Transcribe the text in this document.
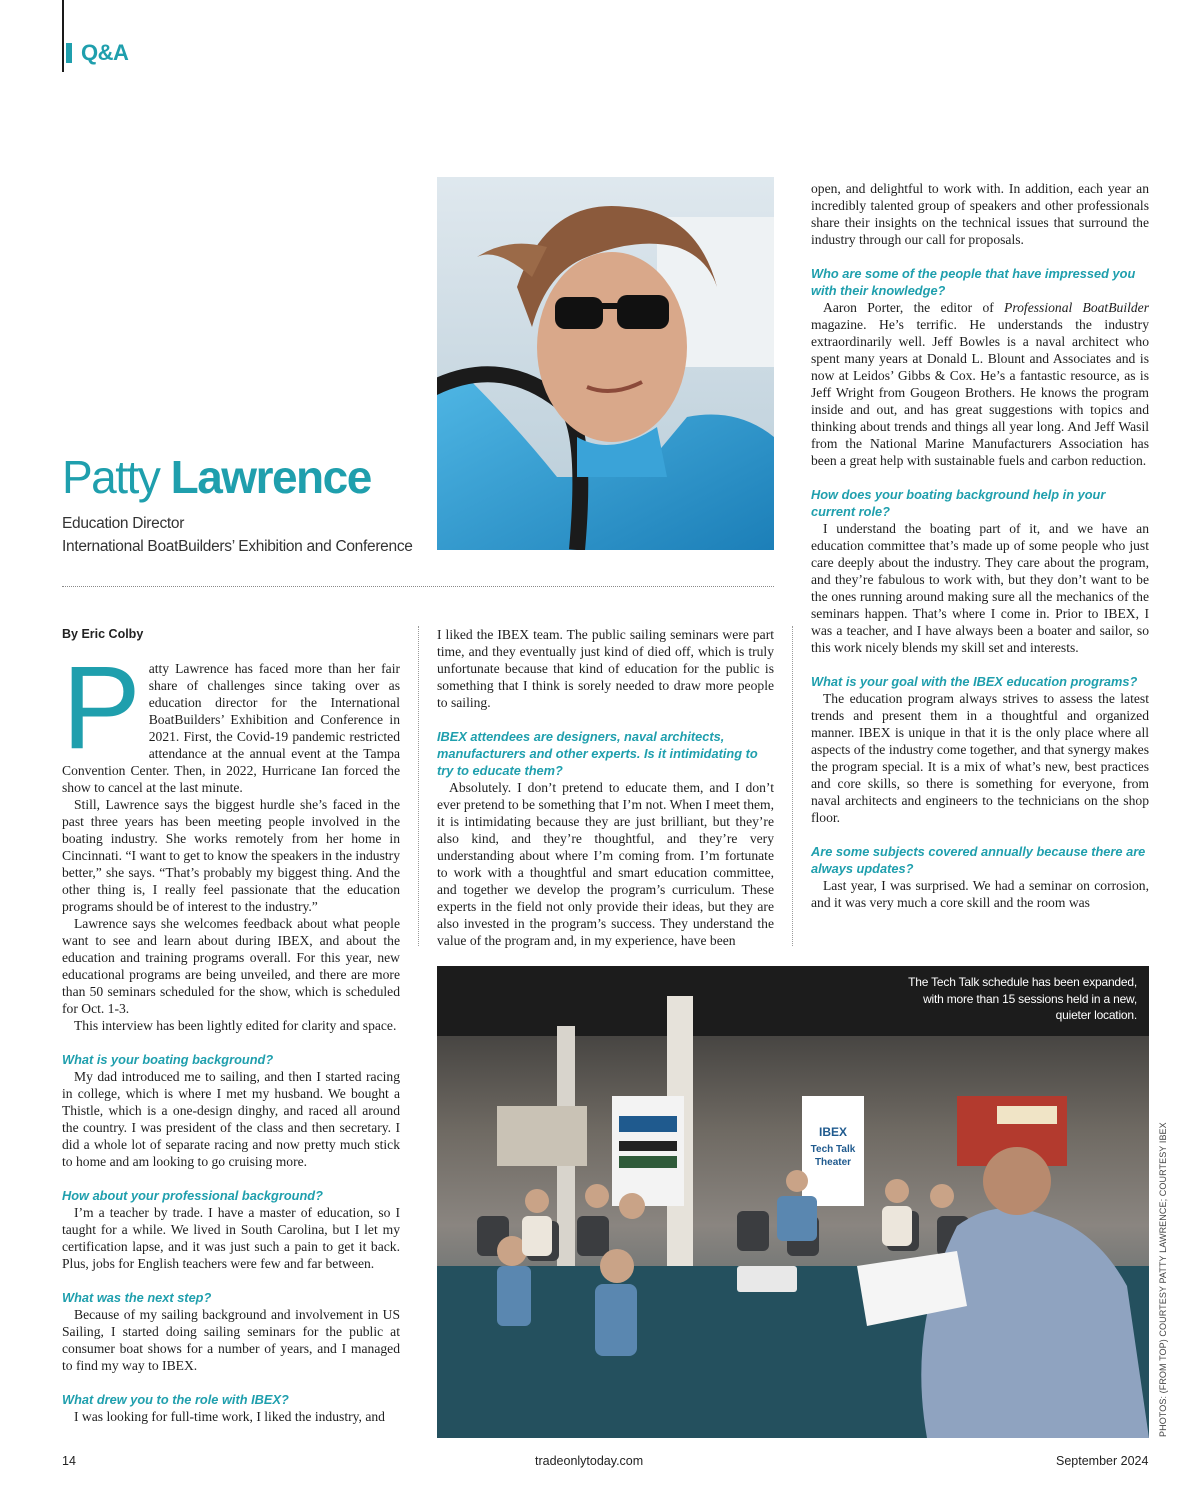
Q&A
Patty Lawrence
Education Director
International BoatBuilders’ Exhibition and Conference
By Eric Colby
P atty Lawrence has faced more than her fair share of challenges since taking over as education director for the International BoatBuilders’ Exhibition and Conference in 2021. First, the Covid-19 pandemic restricted attendance at the annual event at the Tampa Convention Center. Then, in 2022, Hurricane Ian forced the show to cancel at the last minute.

Still, Lawrence says the biggest hurdle she’s faced in the past three years has been meeting people involved in the boating industry. She works remotely from her home in Cincinnati. “I want to get to know the speakers in the industry better,” she says. “That’s probably my biggest thing. And the other thing is, I really feel passionate that the education programs should be of interest to the industry.”

Lawrence says she welcomes feedback about what people want to see and learn about during IBEX, and about the education and training programs overall. For this year, new educational programs are being unveiled, and there are more than 50 seminars scheduled for the show, which is scheduled for Oct. 1-3.

This interview has been lightly edited for clarity and space.

What is your boating background?

My dad introduced me to sailing, and then I started racing in college, which is where I met my husband. We bought a Thistle, which is a one-design dinghy, and raced all around the country. I was president of the class and then secretary. I did a whole lot of separate racing and now pretty much stick to home and am looking to go cruising more.

How about your professional background?

I’m a teacher by trade. I have a master of education, so I taught for a while. We lived in South Carolina, but I let my certification lapse, and it was just such a pain to get it back. Plus, jobs for English teachers were few and far between.

What was the next step?

Because of my sailing background and involvement in US Sailing, I started doing sailing seminars for the public at consumer boat shows for a number of years, and I managed to find my way to IBEX.

What drew you to the role with IBEX?

I was looking for full-time work, I liked the industry, and

I liked the IBEX team. The public sailing seminars were part time, and they eventually just kind of died off, which is truly unfortunate because that kind of education for the public is something that I think is sorely needed to draw more people to sailing.

IBEX attendees are designers, naval architects, manufacturers and other experts. Is it intimidating to try to educate them?

Absolutely. I don’t pretend to educate them, and I don’t ever pretend to be something that I’m not. When I meet them, it is intimidating because they are just brilliant, but they’re also kind, and they’re thoughtful, and they’re very understanding about where I’m coming from. I’m fortunate to work with a thoughtful and smart education committee, and together we develop the program’s curriculum. These experts in the field not only provide their ideas, but they are also invested in the program’s success. They understand the value of the program and, in my experience, have been

open, and delightful to work with. In addition, each year an incredibly talented group of speakers and other professionals share their insights on the technical issues that surround the industry through our call for proposals.

Who are some of the people that have impressed you with their knowledge?

Aaron Porter, the editor of Professional BoatBuilder magazine. He’s terrific. He understands the industry extraordinarily well. Jeff Bowles is a naval architect who spent many years at Donald L. Blount and Associates and is now at Leidos’ Gibbs & Cox. He’s a fantastic resource, as is Jeff Wright from Gougeon Brothers. He knows the program inside and out, and has great suggestions with topics and thinking about trends and things all year long. And Jeff Wasil from the National Marine Manufacturers Association has been a great help with sustainable fuels and carbon reduction.

How does your boating background help in your current role?

I understand the boating part of it, and we have an education committee that’s made up of some people who just care deeply about the industry. They care about the program, and they’re fabulous to work with, but they don’t want to be the ones running around making sure all the mechanics of the seminars happen. That’s where I come in. Prior to IBEX, I was a teacher, and I have always been a boater and sailor, so this work nicely blends my skill set and interests.

What is your goal with the IBEX education programs?

The education program always strives to assess the latest trends and present them in a thoughtful and organized manner. IBEX is unique in that it is the only place where all aspects of the industry come together, and that synergy makes the program special. It is a mix of what’s new, best practices and core skills, so there is something for everyone, from naval architects and engineers to the technicians on the shop floor.

Are some subjects covered annually because there are always updates?

Last year, I was surprised. We had a seminar on corrosion, and it was very much a core skill and the room was

IBEX
Tech Talk
Theater
The Tech Talk schedule has been expanded, with more than 15 sessions held in a new, quieter location.
PHOTOS: (FROM TOP) COURTESY PATTY LAWRENCE; COURTESY IBEX
14	tradeonlytoday.com	September 2024
